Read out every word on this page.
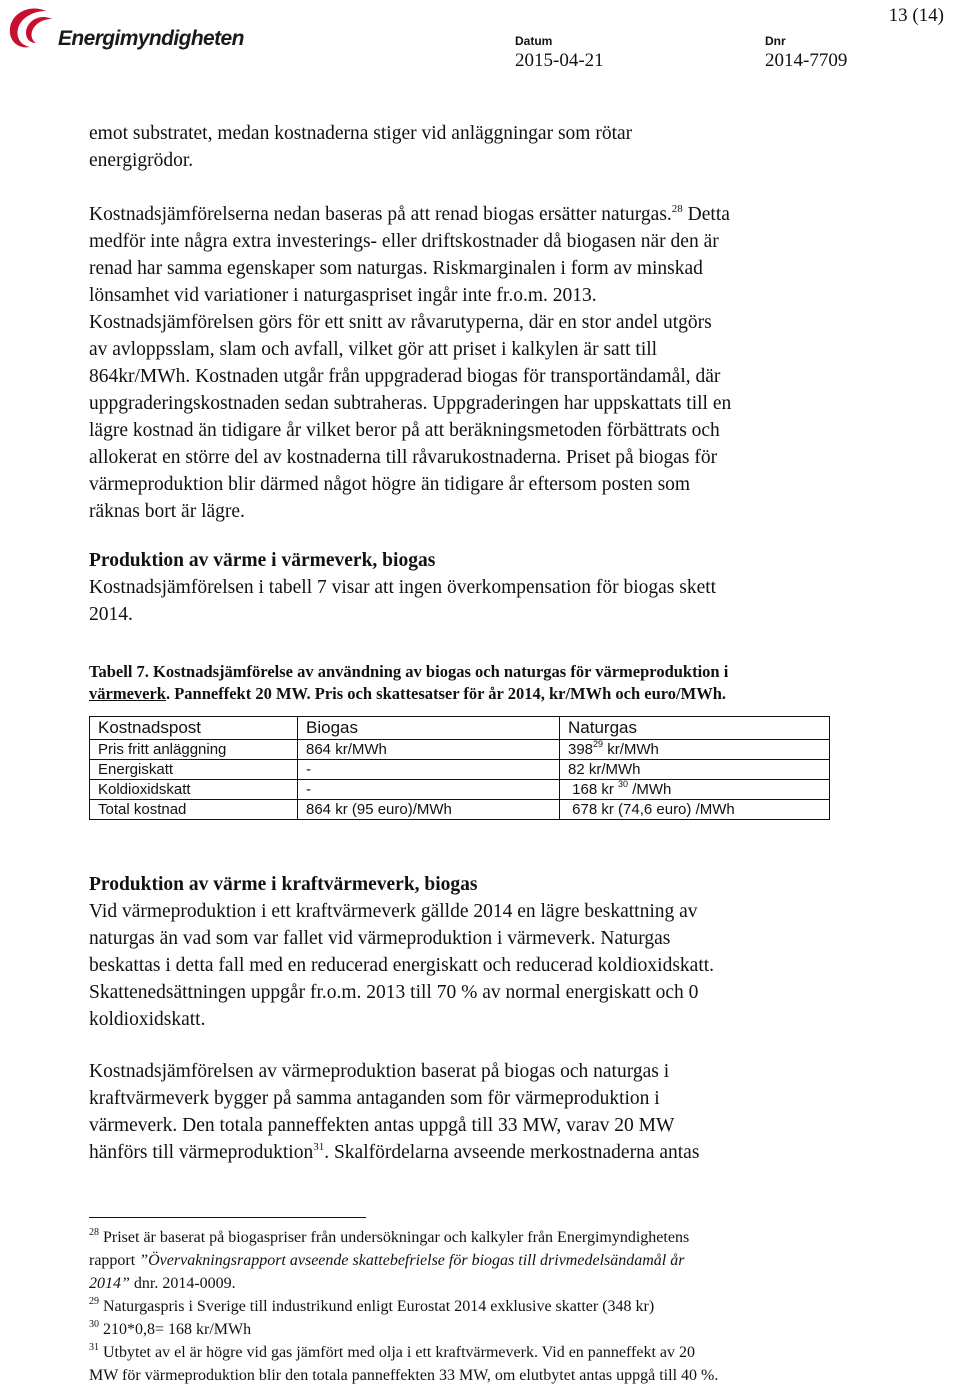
Energimyndigheten
13 (14)
Datum
2015-04-21
Dnr
2014-7709
emot substratet, medan kostnaderna stiger vid anläggningar som rötar
energigrödor.
Kostnadsjämförelserna nedan baseras på att renad biogas ersätter naturgas.$^{28}$ Detta
medför inte några extra investerings- eller driftskostnader då biogasen när den är
renad har samma egenskaper som naturgas. Riskmarginalen i form av minskad
lönsamhet vid variationer i naturgaspriset ingår inte fr.o.m. 2013.
Kostnadsjämförelsen görs för ett snitt av råvarutyperna, där en stor andel utgörs
av avloppsslam, slam och avfall, vilket gör att priset i kalkylen är satt till
864kr/MWh. Kostnaden utgår från uppgraderad biogas för transportändamål, där
uppgraderingskostnaden sedan subtraheras. Uppgraderingen har uppskattats till en
lägre kostnad än tidigare år vilket beror på att beräkningsmetoden förbättrats och
allokerat en större del av kostnaderna till råvarukostnaderna. Priset på biogas för
värmeproduktion blir därmed något högre än tidigare år eftersom posten som
räknas bort är lägre.
Produktion av värme i värmeverk, biogas
Kostnadsjämförelsen i tabell 7 visar att ingen överkompensation för biogas skett
2014.
Tabell 7. Kostnadsjämförelse av användning av biogas och naturgas för värmeproduktion i
värmeverk. Panneffekt 20 MW. Pris och skattesatser för år 2014, kr/MWh och euro/MWh.
Kostnadspost	Biogas	Naturgas
Pris fritt anläggning	864 kr/MWh	$398^{29}$ kr/MWh
Energiskatt	-	82 kr/MWh
Koldioxidskatt	-	168 kr $^{30}$ /MWh
Total kostnad	864 kr (95 euro)/MWh	678 kr (74,6 euro) /MWh
Produktion av värme i kraftvärmeverk, biogas
Vid värmeproduktion i ett kraftvärmeverk gällde 2014 en lägre beskattning av
naturgas än vad som var fallet vid värmeproduktion i värmeverk. Naturgas
beskattas i detta fall med en reducerad energiskatt och reducerad koldioxidskatt.
Skattenedsättningen uppgår fr.o.m. 2013 till 70 % av normal energiskatt och 0
koldioxidskatt.
Kostnadsjämförelsen av värmeproduktion baserat på biogas och naturgas i
kraftvärmeverk bygger på samma antaganden som för värmeproduktion i
värmeverk. Den totala panneffekten antas uppgå till 33 MW, varav 20 MW
hänförs till värmeproduktion$^{31}$. Skalfördelarna avseende merkostnaderna antas
$^{28}$ Priset är baserat på biogaspriser från undersökningar och kalkyler från Energimyndighetens
rapport ”Övervakningsrapport avseende skattebefrielse för biogas till drivmedelsändamål år
2014” dnr. 2014-0009.
$^{29}$ Naturgaspris i Sverige till industrikund enligt Eurostat 2014 exklusive skatter (348 kr)
$^{30}$ 210*0,8= 168 kr/MWh
$^{31}$ Utbytet av el är högre vid gas jämfört med olja i ett kraftvärmeverk. Vid en panneffekt av 20
MW för värmeproduktion blir den totala panneffekten 33 MW, om elutbytet antas uppgå till 40 %.
